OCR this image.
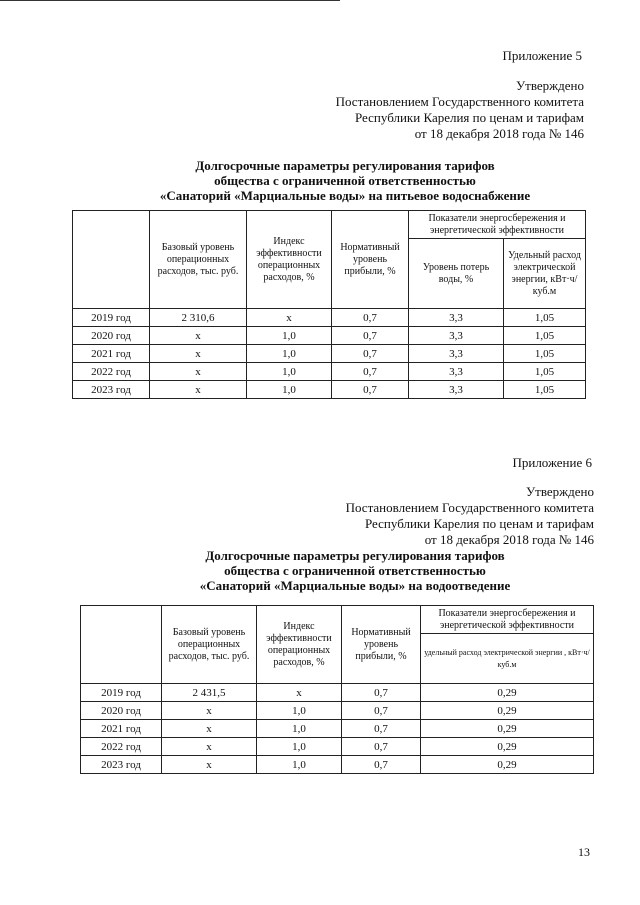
Приложение 5
Утверждено
Постановлением Государственного комитета
Республики Карелия по ценам и тарифам
от 18 декабря 2018 года № 146
Долгосрочные параметры регулирования тарифов
общества с ограниченной ответственностью
«Санаторий «Марциальные воды» на питьевое водоснабжение
	Базовый уровень операционных расходов, тыс. руб.	Индекс эффективности операционных расходов, %	Нормативный уровень прибыли, %	Показатели энергосбережения и энергетической эффективности	
				Уровень потерь воды, %	Удельный расход электрической энергии, кВт·ч/куб.м
2019 год	2 310,6	х	0,7	3,3	1,05
2020 год	х	1,0	0,7	3,3	1,05
2021 год	х	1,0	0,7	3,3	1,05
2022 год	х	1,0	0,7	3,3	1,05
2023 год	х	1,0	0,7	3,3	1,05
Приложение 6
Утверждено
Постановлением Государственного комитета
Республики Карелия по ценам и тарифам
от 18 декабря 2018 года № 146
Долгосрочные параметры регулирования тарифов
общества с ограниченной ответственностью
«Санаторий «Марциальные воды» на водоотведение
	Базовый уровень операционных расходов, тыс. руб.	Индекс эффективности операционных расходов, %	Нормативный уровень прибыли, %	Показатели энергосбережения и энергетической эффективности
				удельный расход электрической энергии , кВт·ч/куб.м
2019 год	2 431,5	х	0,7	0,29
2020 год	х	1,0	0,7	0,29
2021 год	х	1,0	0,7	0,29
2022 год	х	1,0	0,7	0,29
2023 год	х	1,0	0,7	0,29
13
